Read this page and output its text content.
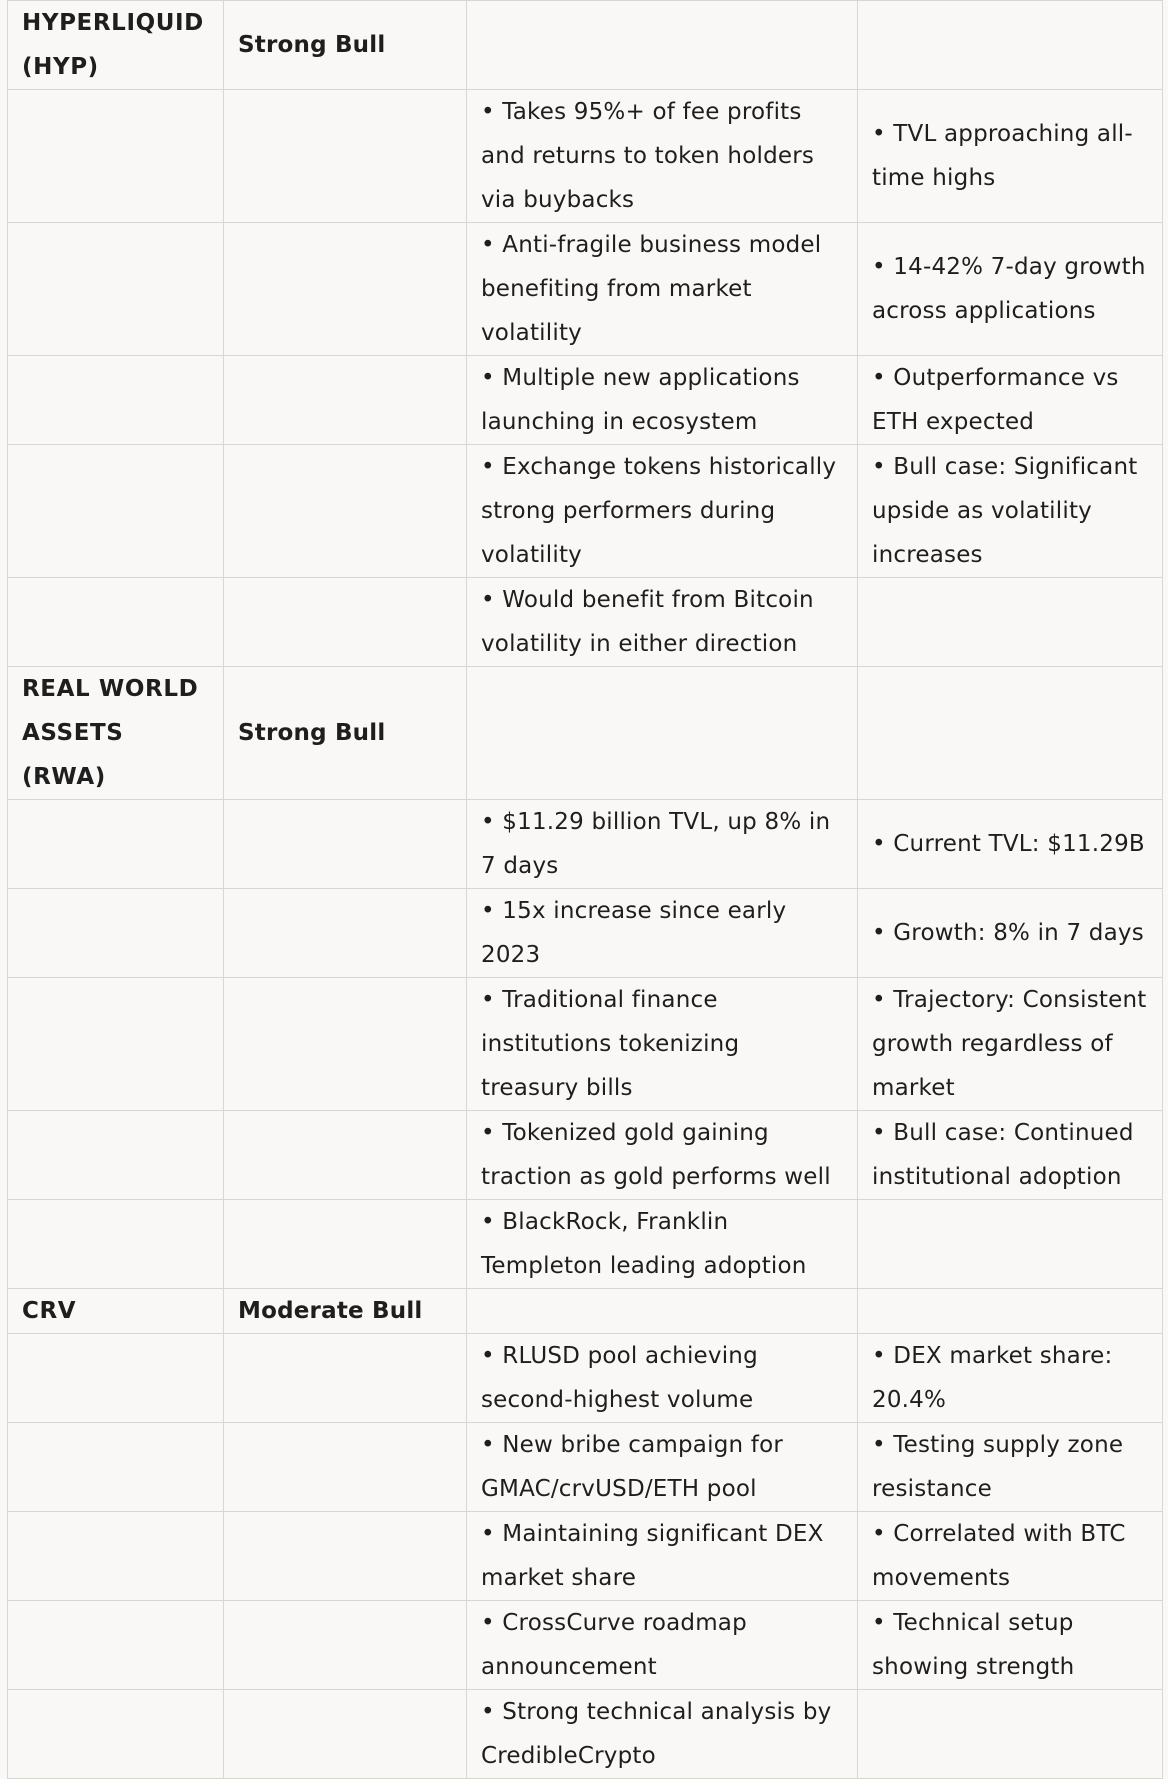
HYPERLIQUID (HYP)	Strong Bull		
		• Takes 95%+ of fee profits and returns to token holders via buybacks	• TVL approaching all-time highs
		• Anti-fragile business model benefiting from market volatility	• 14-42% 7-day growth across applications
		• Multiple new applications launching in ecosystem	• Outperformance vs ETH expected
		• Exchange tokens historically strong performers during volatility	• Bull case: Significant upside as volatility increases
		• Would benefit from Bitcoin volatility in either direction	
REAL WORLD ASSETS (RWA)	Strong Bull		
		• $11.29 billion TVL, up 8% in 7 days	• Current TVL: $11.29B
		• 15x increase since early 2023	• Growth: 8% in 7 days
		• Traditional finance institutions tokenizing treasury bills	• Trajectory: Consistent growth regardless of market
		• Tokenized gold gaining traction as gold performs well	• Bull case: Continued institutional adoption
		• BlackRock, Franklin Templeton leading adoption	
CRV	Moderate Bull		
		• RLUSD pool achieving second-highest volume	• DEX market share: 20.4%
		• New bribe campaign for GMAC/crvUSD/ETH pool	• Testing supply zone resistance
		• Maintaining significant DEX market share	• Correlated with BTC movements
		• CrossCurve roadmap announcement	• Technical setup showing strength
		• Strong technical analysis by CredibleCrypto	
